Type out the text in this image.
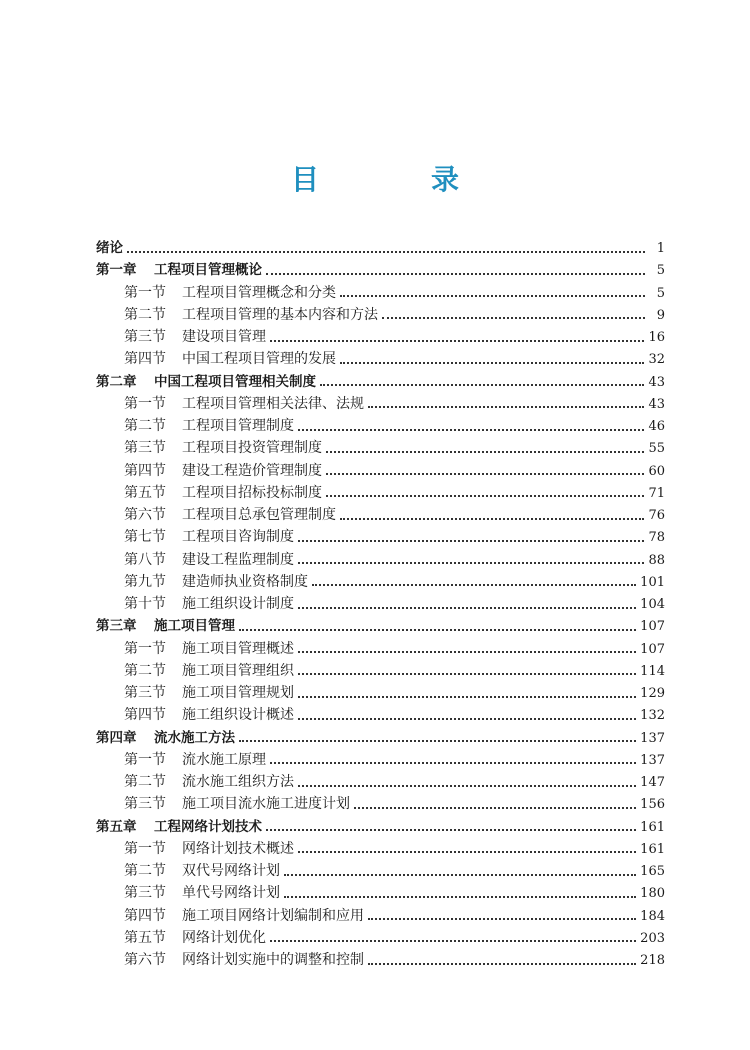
目　录
绪论	1
第一章	工程项目管理概论	5
第一节	工程项目管理概念和分类	5
第二节	工程项目管理的基本内容和方法	9
第三节	建设项目管理	16
第四节	中国工程项目管理的发展	32
第二章	中国工程项目管理相关制度	43
第一节	工程项目管理相关法律、法规	43
第二节	工程项目管理制度	46
第三节	工程项目投资管理制度	55
第四节	建设工程造价管理制度	60
第五节	工程项目招标投标制度	71
第六节	工程项目总承包管理制度	76
第七节	工程项目咨询制度	78
第八节	建设工程监理制度	88
第九节	建造师执业资格制度	101
第十节	施工组织设计制度	104
第三章	施工项目管理	107
第一节	施工项目管理概述	107
第二节	施工项目管理组织	114
第三节	施工项目管理规划	129
第四节	施工组织设计概述	132
第四章	流水施工方法	137
第一节	流水施工原理	137
第二节	流水施工组织方法	147
第三节	施工项目流水施工进度计划	156
第五章	工程网络计划技术	161
第一节	网络计划技术概述	161
第二节	双代号网络计划	165
第三节	单代号网络计划	180
第四节	施工项目网络计划编制和应用	184
第五节	网络计划优化	203
第六节	网络计划实施中的调整和控制	218
